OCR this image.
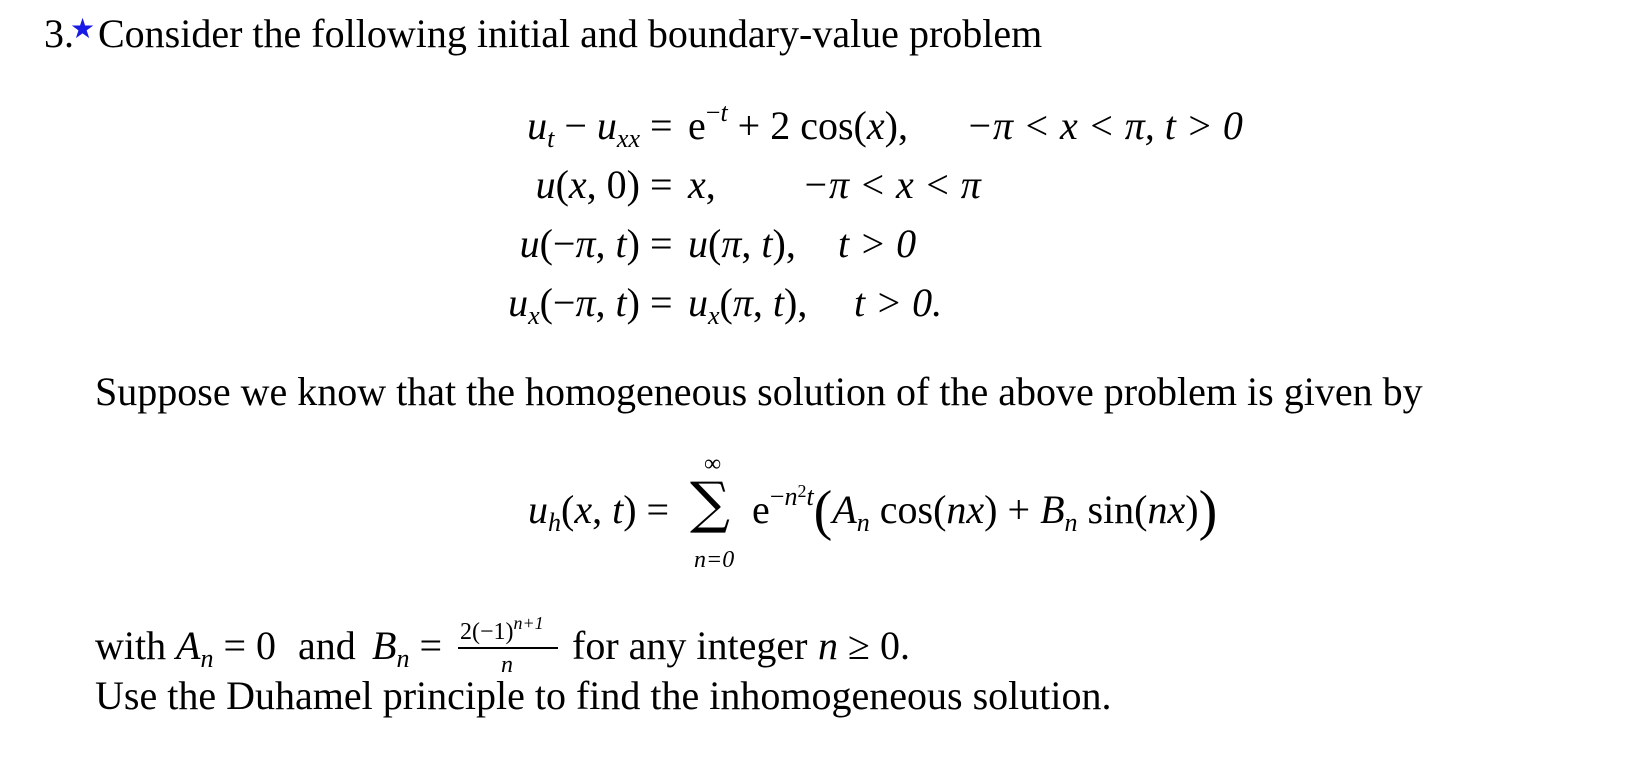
3.
★ Consider the following initial and boundary-value problem
$u_t - u_{xx} = e^{-t} + 2$ cos(x), −π < x < π, t > 0
u(x, 0) = x, −π < x < π
u(−π, t) = u(π, t), t > 0
$u_x(-\pi$, $t) = u_x(\pi$, t), t > 0.
Suppose we know that the homogeneous solution of the above problem is given by
$u_h(x$, t) =
∞
∑
n=0
$e^{-n^2t}(A_n$ $\cos(nx) + B_n$ sin(nx))
with $A_n = 0$ and $B_n = 2(-1)^{n+1}$
n for any integer n ≥ 0.
Use the Duhamel principle to find the inhomogeneous solution.
